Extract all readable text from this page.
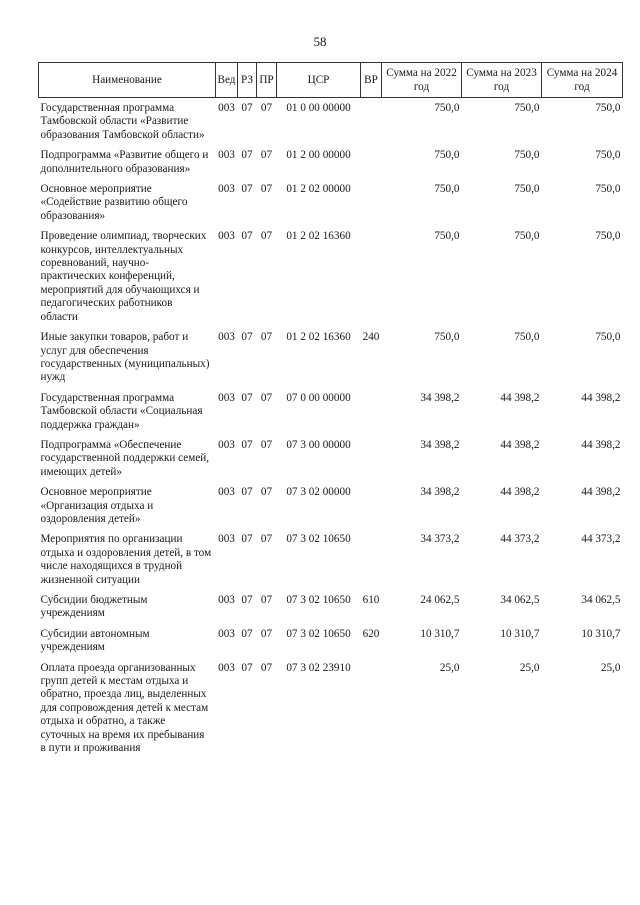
58
Наименование	Вед	РЗ	ПР	ЦСР	ВР	Сумма на 2022 год	Сумма на 2023 год	Сумма на 2024 год
Государственная программа Тамбовской области «Развитие образования Тамбовской области»	003	07	07	01 0 00 00000		750,0	750,0	750,0
Подпрограмма «Развитие общего и дополнительного образования»	003	07	07	01 2 00 00000		750,0	750,0	750,0
Основное мероприятие «Содействие развитию общего образования»	003	07	07	01 2 02 00000		750,0	750,0	750,0
Проведение олимпиад, творческих конкурсов, интеллектуальных соревнований, научно-практических конференций, мероприятий для обучающихся и педагогических работников области	003	07	07	01 2 02 16360		750,0	750,0	750,0
Иные закупки товаров, работ и услуг для обеспечения государственных (муниципальных) нужд	003	07	07	01 2 02 16360	240	750,0	750,0	750,0
Государственная программа Тамбовской области «Социальная поддержка граждан»	003	07	07	07 0 00 00000		34 398,2	44 398,2	44 398,2
Подпрограмма «Обеспечение государственной поддержки семей, имеющих детей»	003	07	07	07 3 00 00000		34 398,2	44 398,2	44 398,2
Основное мероприятие «Организация отдыха и оздоровления детей»	003	07	07	07 3 02 00000		34 398,2	44 398,2	44 398,2
Мероприятия по организации отдыха и оздоровления детей, в том числе находящихся в трудной жизненной ситуации	003	07	07	07 3 02 10650		34 373,2	44 373,2	44 373,2
Субсидии бюджетным учреждениям	003	07	07	07 3 02 10650	610	24 062,5	34 062,5	34 062,5
Субсидии автономным учреждениям	003	07	07	07 3 02 10650	620	10 310,7	10 310,7	10 310,7
Оплата проезда организованных групп детей к местам отдыха и обратно, проезда лиц, выделенных для сопровождения детей к местам отдыха и обратно, а также суточных на время их пребывания в пути и проживания	003	07	07	07 3 02 23910		25,0	25,0	25,0
